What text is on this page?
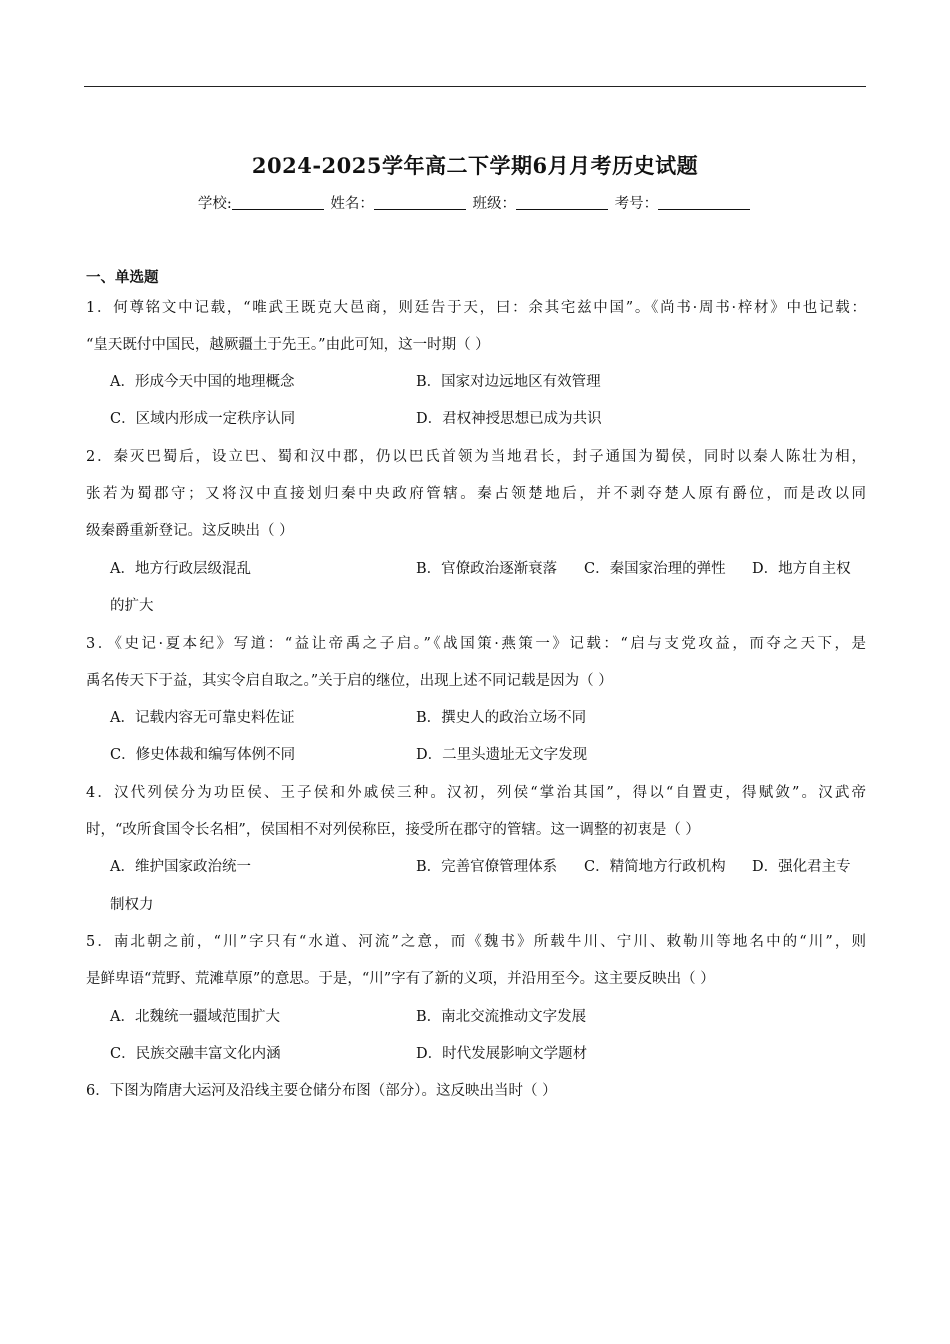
2024-2025学年高二下学期6月月考历史试题
学校:	姓名：	班级：	考号：
一、单选题
1．何尊铭文中记载，“唯武王既克大邑商，则廷告于天，曰：余其宅兹中国”。《尚书·周书·梓材》中也记载：
“皇天既付中国民，越厥疆土于先王。”由此可知，这一时期（ ）
A．形成今天中国的地理概念	B．国家对边远地区有效管理
C．区域内形成一定秩序认同	D．君权神授思想已成为共识
2．秦灭巴蜀后，设立巴、蜀和汉中郡，仍以巴氏首领为当地君长，封子通国为蜀侯，同时以秦人陈壮为相，
张若为蜀郡守；又将汉中直接划归秦中央政府管辖。秦占领楚地后，并不剥夺楚人原有爵位，而是改以同
级秦爵重新登记。这反映出（ ）
A．地方行政层级混乱	B．官僚政治逐渐衰落 C．秦国家治理的弹性 D．地方自主权
的扩大
3．《史记·夏本纪》写道：“益让帝禹之子启。”《战国策·燕策一》记载：“启与支党攻益，而夺之天下，是
禹名传天下于益，其实令启自取之。”关于启的继位，出现上述不同记载是因为（ ）
A．记载内容无可靠史料佐证	B．撰史人的政治立场不同
C．修史体裁和编写体例不同	D．二里头遗址无文字发现
4．汉代列侯分为功臣侯、王子侯和外戚侯三种。汉初，列侯“掌治其国”，得以“自置吏，得赋敛”。汉武帝
时，“改所食国令长名相”，侯国相不对列侯称臣，接受所在郡守的管辖。这一调整的初衷是（ ）
A．维护国家政治统一	B．完善官僚管理体系 C．精简地方行政机构 D．强化君主专
制权力
5．南北朝之前，“川”字只有“水道、河流”之意，而《魏书》所载牛川、宁川、敕勒川等地名中的“川”，则
是鲜卑语“荒野、荒滩草原”的意思。于是，“川”字有了新的义项，并沿用至今。这主要反映出（ ）
A．北魏统一疆域范围扩大	B．南北交流推动文字发展
C．民族交融丰富文化内涵	D．时代发展影响文学题材
6．下图为隋唐大运河及沿线主要仓储分布图（部分）。这反映出当时（ ）
